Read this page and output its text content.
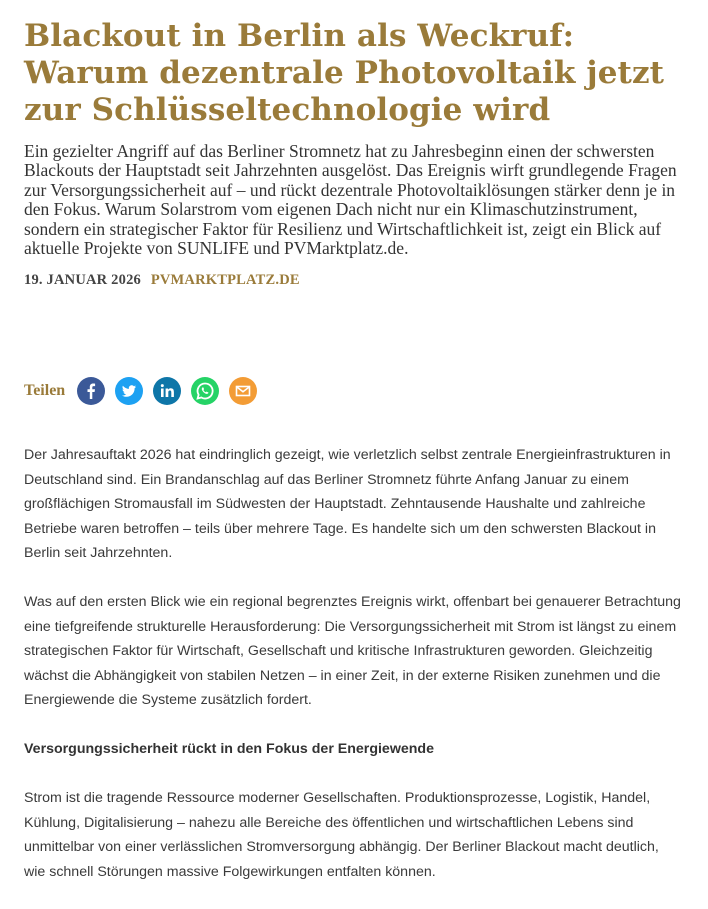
Blackout in Berlin als Weckruf: Warum dezentrale Photovoltaik jetzt zur Schlüsseltechnologie wird

Ein gezielter Angriff auf das Berliner Stromnetz hat zu Jahresbeginn einen der schwersten Blackouts der Hauptstadt seit Jahrzehnten ausgelöst. Das Ereignis wirft grundlegende Fragen zur Versorgungssicherheit auf – und rückt dezentrale Photovoltaiklösungen stärker denn je in den Fokus. Warum Solarstrom vom eigenen Dach nicht nur ein Klimaschutzinstrument, sondern ein strategischer Faktor für Resilienz und Wirtschaftlichkeit ist, zeigt ein Blick auf aktuelle Projekte von SUNLIFE und PVMarktplatz.de.

19. JANUAR 2026 PVMARKTPLATZ.DE
Teilen

Der Jahresauftakt 2026 hat eindringlich gezeigt, wie verletzlich selbst zentrale Energieinfrastrukturen in Deutschland sind. Ein Brandanschlag auf das Berliner Stromnetz führte Anfang Januar zu einem großflächigen Stromausfall im Südwesten der Hauptstadt. Zehntausende Haushalte und zahlreiche Betriebe waren betroffen – teils über mehrere Tage. Es handelte sich um den schwersten Blackout in Berlin seit Jahrzehnten.

Was auf den ersten Blick wie ein regional begrenztes Ereignis wirkt, offenbart bei genauerer Betrachtung eine tiefgreifende strukturelle Herausforderung: Die Versorgungssicherheit mit Strom ist längst zu einem strategischen Faktor für Wirtschaft, Gesellschaft und kritische Infrastrukturen geworden. Gleichzeitig wächst die Abhängigkeit von stabilen Netzen – in einer Zeit, in der externe Risiken zunehmen und die Energiewende die Systeme zusätzlich fordert.

Versorgungssicherheit rückt in den Fokus der Energiewende

Strom ist die tragende Ressource moderner Gesellschaften. Produktionsprozesse, Logistik, Handel, Kühlung, Digitalisierung – nahezu alle Bereiche des öffentlichen und wirtschaftlichen Lebens sind unmittelbar von einer verlässlichen Stromversorgung abhängig. Der Berliner Blackout macht deutlich, wie schnell Störungen massive Folgewirkungen entfalten können.
